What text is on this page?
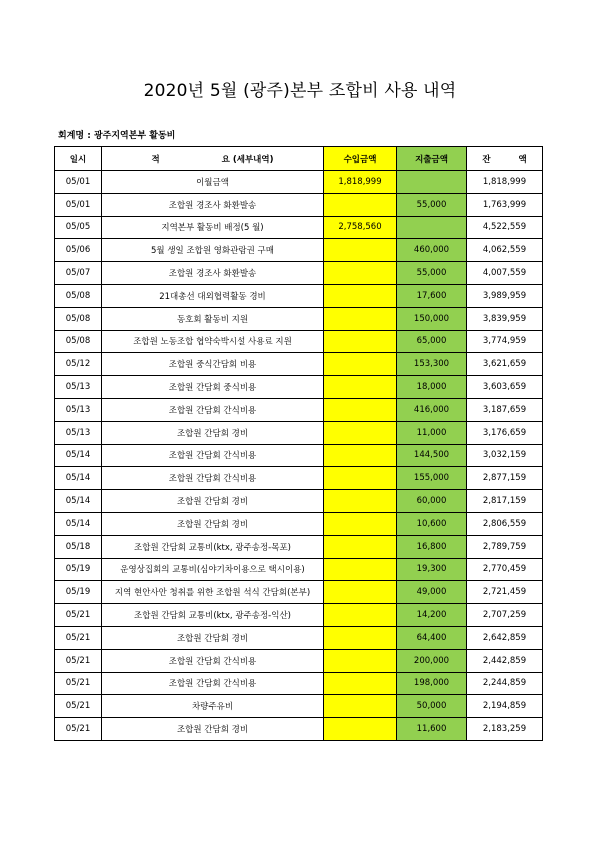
2020년 5월 (광주)본부 조합비 사용 내역
회계명 : 광주지역본부 활동비
일시	적 요 (세부내역)	수입금액	지출금액	잔 액
05/01	이월금액	1,818,999		1,818,999
05/01	조합원 경조사 화환발송		55,000	1,763,999
05/05	지역본부 활동비 배정(5 월)	2,758,560		4,522,559
05/06	5월 생일 조합원 영화관람권 구매		460,000	4,062,559
05/07	조합원 경조사 화환발송		55,000	4,007,559
05/08	21대총선 대외협력활동 경비		17,600	3,989,959
05/08	동호회 활동비 지원		150,000	3,839,959
05/08	조합원 노동조합 협약숙박시설 사용료 지원		65,000	3,774,959
05/12	조합원 중식간담회 비용		153,300	3,621,659
05/13	조합원 간담회 중식비용		18,000	3,603,659
05/13	조합원 간담회 간식비용		416,000	3,187,659
05/13	조합원 간담회 경비		11,000	3,176,659
05/14	조합원 간담회 간식비용		144,500	3,032,159
05/14	조합원 간담회 간식비용		155,000	2,877,159
05/14	조합원 간담회 경비		60,000	2,817,159
05/14	조합원 간담회 경비		10,600	2,806,559
05/18	조합원 간담회 교통비(ktx, 광주송정-목포)		16,800	2,789,759
05/19	운영상집회의 교통비(심야기차이용으로 택시이용)		19,300	2,770,459
05/19	지역 현안사안 청취를 위한 조합원 석식 간담회(본부)		49,000	2,721,459
05/21	조합원 간담회 교통비(ktx, 광주송정-익산)		14,200	2,707,259
05/21	조합원 간담회 경비		64,400	2,642,859
05/21	조합원 간담회 간식비용		200,000	2,442,859
05/21	조합원 간담회 간식비용		198,000	2,244,859
05/21	차량주유비		50,000	2,194,859
05/21	조합원 간담회 경비		11,600	2,183,259
